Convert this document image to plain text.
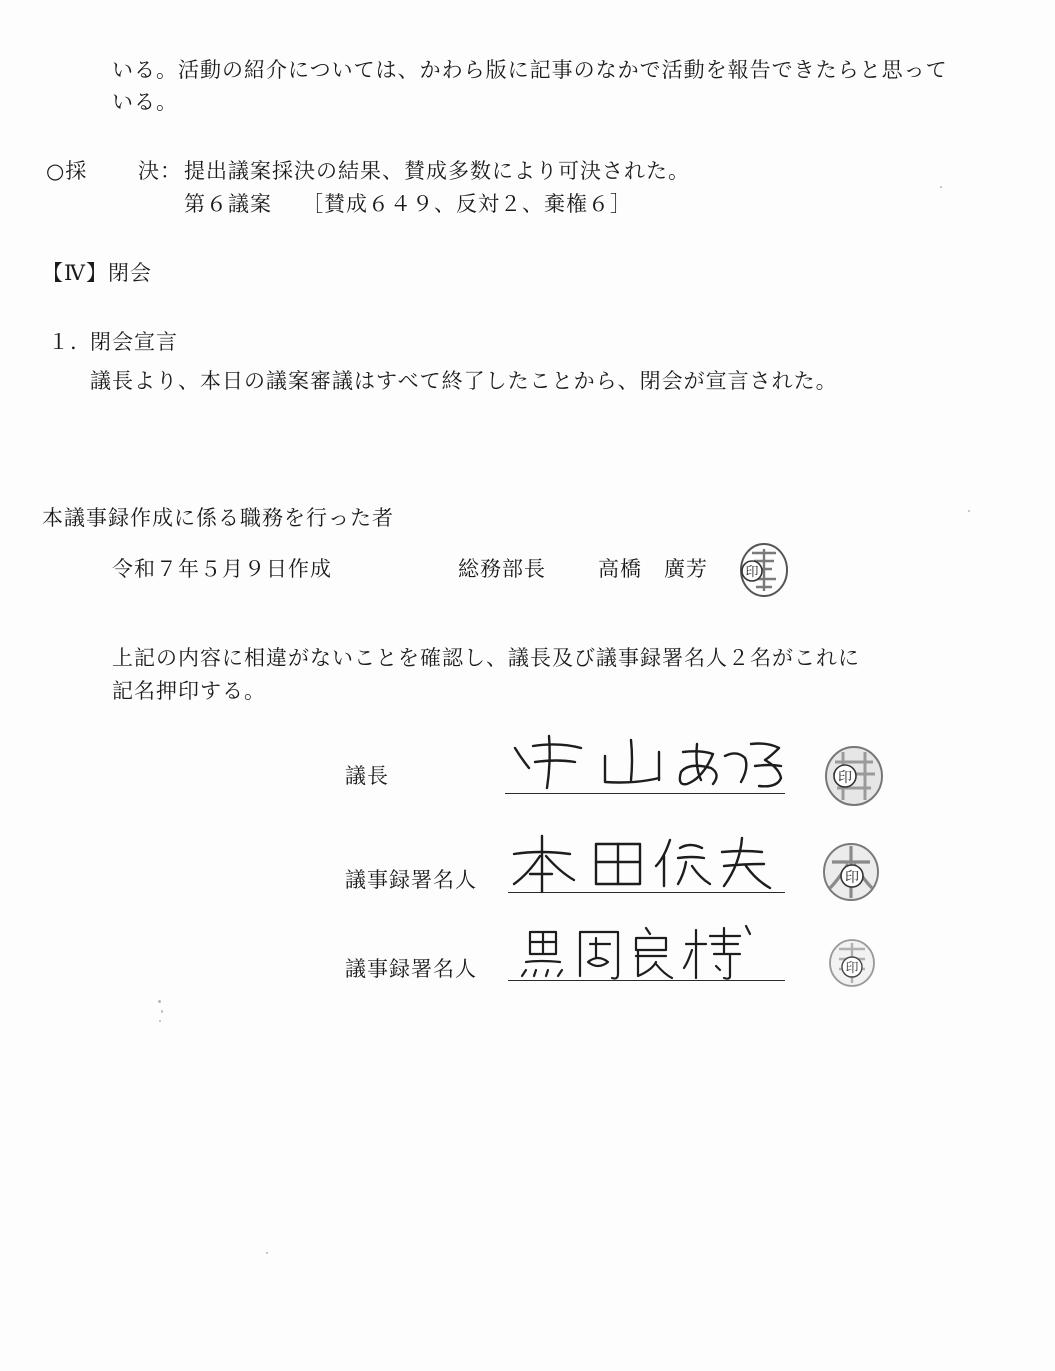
いる。活動の紹介については、かわら版に記事のなかで活動を報告できたらと思って
いる。
○採 決： 提出議案採決の結果、賛成多数により可決された。
第６議案 ［賛成６４９、反対２、棄権６］
【Ⅳ】閉会
１. 閉会宣言
議長より、本日の議案審議はすべて終了したことから、閉会が宣言された。
本議事録作成に係る職務を行った者
令和７年５月９日作成	総務部長 高橋　廣芳	印
上記の内容に相違がないことを確認し、議長及び議事録署名人２名がこれに
記名押印する。
議長	印
議事録署名人	印
議事録署名人	印
